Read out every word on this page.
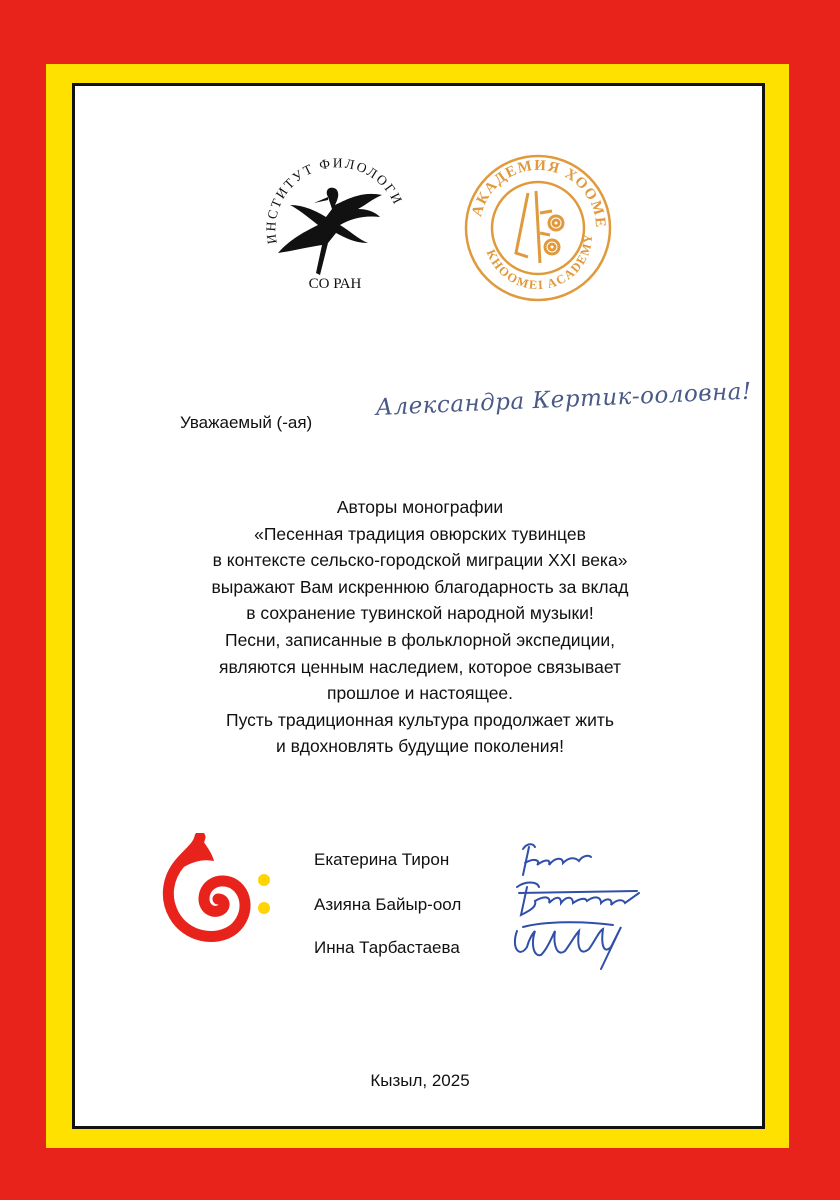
ИНСТИТУТ ФИЛОЛОГИ
СО РАН
АКАДЕМИЯ ХООМЕ
KHOOMEI ACADEMY
Уважаемый (-ая)
Александра Кертик-ооловна!
Авторы монографии
«Песенная традиция овюрских тувинцев
в контексте сельско-городской миграции XXI века»
выражают Вам искреннюю благодарность за вклад
в сохранение тувинской народной музыки!
Песни, записанные в фольклорной экспедиции,
являются ценным наследием, которое связывает
прошлое и настоящее.
Пусть традиционная культура продолжает жить
и вдохновлять будущие поколения!
Екатерина Тирон
Азияна Байыр-оол
Инна Тарбастаева
Кызыл, 2025
